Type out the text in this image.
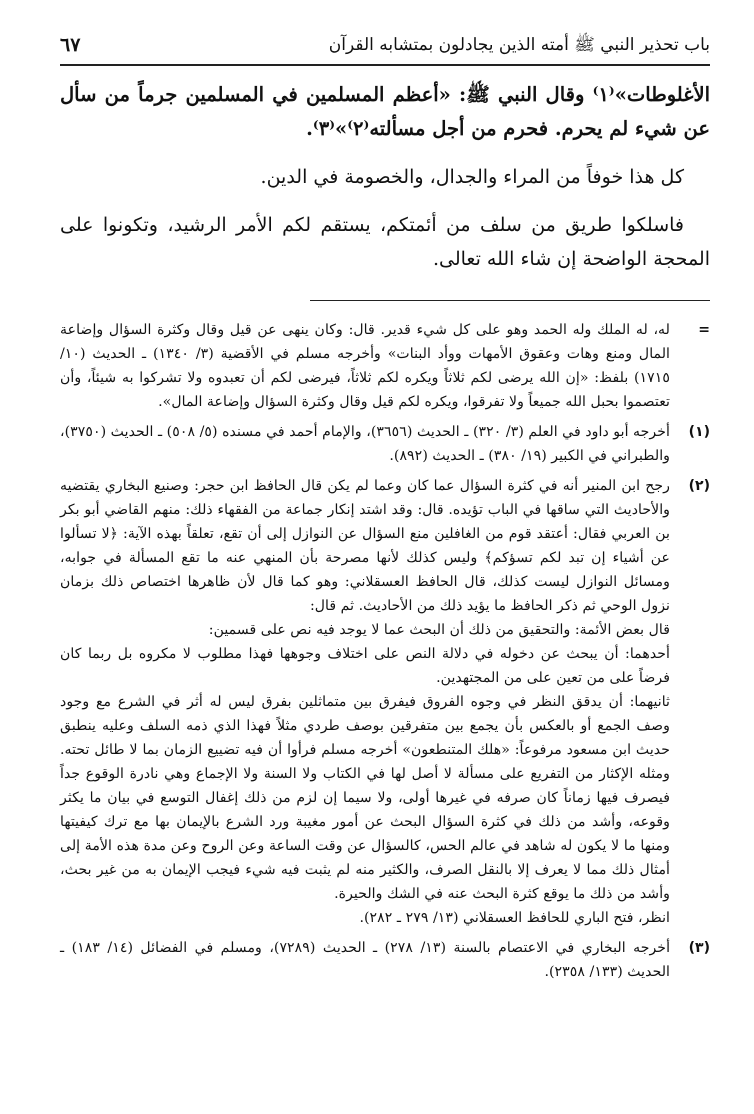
باب تحذير النبي ﷺ أمته الذين يجادلون بمتشابه القرآن
٦٧

الأغلوطات»⁽١⁾ وقال النبي ﷺ: «أعظم المسلمين في المسلمين جرماً من سأل عن شيء لم يحرم. فحرم من أجل مسألته⁽٢⁾»⁽٣⁾.

كل هذا خوفاً من المراء والجدال، والخصومة في الدين.

فاسلكوا طريق من سلف من أئمتكم، يستقم لكم الأمر الرشيد، وتكونوا على المحجة الواضحة إن شاء الله تعالى.

=

له، له الملك وله الحمد وهو على كل شيء قدير. قال: وكان ينهى عن قيل وقال وكثرة السؤال وإضاعة المال ومنع وهات وعقوق الأمهات ووأد البنات» وأخرجه مسلم في الأقضية (٣/ ١٣٤٠) ـ الحديث (١٠/ ١٧١٥) بلفظ: «إن الله يرضى لكم ثلاثاً ويكره لكم ثلاثاً، فيرضى لكم أن تعبدوه ولا تشركوا به شيئاً، وأن تعتصموا بحبل الله جميعاً ولا تفرقوا، ويكره لكم قيل وقال وكثرة السؤال وإضاعة المال».

(١)

أخرجه أبو داود في العلم (٣/ ٣٢٠) ـ الحديث (٣٦٥٦)، والإمام أحمد في مسنده (٥/ ٥٠٨) ـ الحديث (٣٧٥٠)، والطبراني في الكبير (١٩/ ٣٨٠) ـ الحديث (٨٩٢).

(٢)

رجح ابن المنير أنه في كثرة السؤال عما كان وعما لم يكن قال الحافظ ابن حجر: وصنيع البخاري يقتضيه والأحاديث التي ساقها في الباب تؤيده. قال: وقد اشتد إنكار جماعة من الفقهاء ذلك: منهم القاضي أبو بكر بن العربي فقال: أعتقد قوم من الغافلين منع السؤال عن النوازل إلى أن تقع، تعلقاً بهذه الآية: ﴿لا تسألوا عن أشياء إن تبد لكم تسؤكم﴾ وليس كذلك لأنها مصرحة بأن المنهي عنه ما تقع المسألة في جوابه، ومسائل النوازل ليست كذلك، قال الحافظ العسقلاني: وهو كما قال لأن ظاهرها اختصاص ذلك بزمان نزول الوحي ثم ذكر الحافظ ما يؤيد ذلك من الأحاديث. ثم قال:

قال بعض الأئمة: والتحقيق من ذلك أن البحث عما لا يوجد فيه نص على قسمين:

أحدهما: أن يبحث عن دخوله في دلالة النص على اختلاف وجوهها فهذا مطلوب لا مكروه بل ربما كان فرضاً على من تعين على من المجتهدين.

ثانيهما: أن يدقق النظر في وجوه الفروق فيفرق بين متماثلين بفرق ليس له أثر في الشرع مع وجود وصف الجمع أو بالعكس بأن يجمع بين متفرقين بوصف طردي مثلاً فهذا الذي ذمه السلف وعليه ينطبق حديث ابن مسعود مرفوعاً: «هلك المتنطعون» أخرجه مسلم فرأوا أن فيه تضييع الزمان بما لا طائل تحته. ومثله الإكثار من التفريع على مسألة لا أصل لها في الكتاب ولا السنة ولا الإجماع وهي نادرة الوقوع جداً فيصرف فيها زماناً كان صرفه في غيرها أولى، ولا سيما إن لزم من ذلك إغفال التوسع في بيان ما يكثر وقوعه، وأشد من ذلك في كثرة السؤال البحث عن أمور مغيبة ورد الشرع بالإيمان بها مع ترك كيفيتها ومنها ما لا يكون له شاهد في عالم الحس، كالسؤال عن وقت الساعة وعن الروح وعن مدة هذه الأمة إلى أمثال ذلك مما لا يعرف إلا بالنقل الصرف، والكثير منه لم يثبت فيه شيء فيجب الإيمان به من غير بحث، وأشد من ذلك ما يوقع كثرة البحث عنه في الشك والحيرة.

انظر، فتح الباري للحافظ العسقلاني (١٣/ ٢٧٩ ـ ٢٨٢).

(٣)

أخرجه البخاري في الاعتصام بالسنة (١٣/ ٢٧٨) ـ الحديث (٧٢٨٩)، ومسلم في الفضائل (١٤/ ١٨٣) ـ الحديث (١٣٣/ ٢٣٥٨).
